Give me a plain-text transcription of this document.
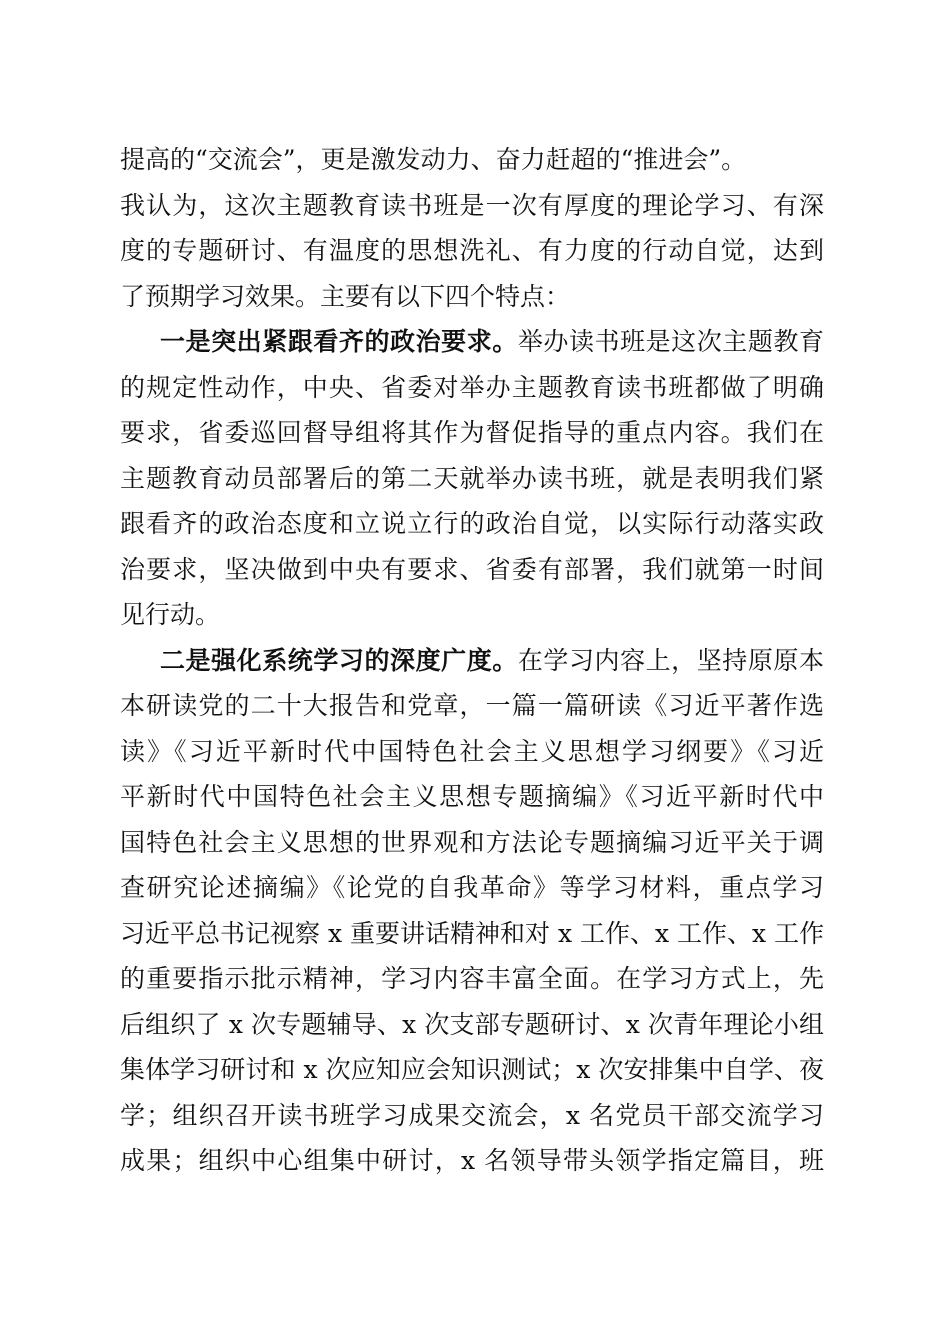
提高的“交流会”，更是激发动力、奋力赶超的“推进会”。
我认为，这次主题教育读书班是一次有厚度的理论学习、有深
度的专题研讨、有温度的思想洗礼、有力度的行动自觉，达到
了预期学习效果。主要有以下四个特点：
一是突出紧跟看齐的政治要求。举办读书班是这次主题教育
的规定性动作，中央、省委对举办主题教育读书班都做了明确
要求，省委巡回督导组将其作为督促指导的重点内容。我们在
主题教育动员部署后的第二天就举办读书班，就是表明我们紧
跟看齐的政治态度和立说立行的政治自觉，以实际行动落实政
治要求，坚决做到中央有要求、省委有部署，我们就第一时间
见行动。
二是强化系统学习的深度广度。在学习内容上，坚持原原本
本研读党的二十大报告和党章，一篇一篇研读《习近平著作选
读》《习近平新时代中国特色社会主义思想学习纲要》《习近
平新时代中国特色社会主义思想专题摘编》《习近平新时代中
国特色社会主义思想的世界观和方法论专题摘编习近平关于调
查研究论述摘编》《论党的自我革命》等学习材料，重点学习
习近平总书记视察 x 重要讲话精神和对 x 工作、x 工作、x 工作
的重要指示批示精神，学习内容丰富全面。在学习方式上，先
后组织了 x 次专题辅导、x 次支部专题研讨、x 次青年理论小组
集体学习研讨和 x 次应知应会知识测试；x 次安排集中自学、夜
学；组织召开读书班学习成果交流会，x 名党员干部交流学习
成果；组织中心组集中研讨，x 名领导带头领学指定篇目，班
